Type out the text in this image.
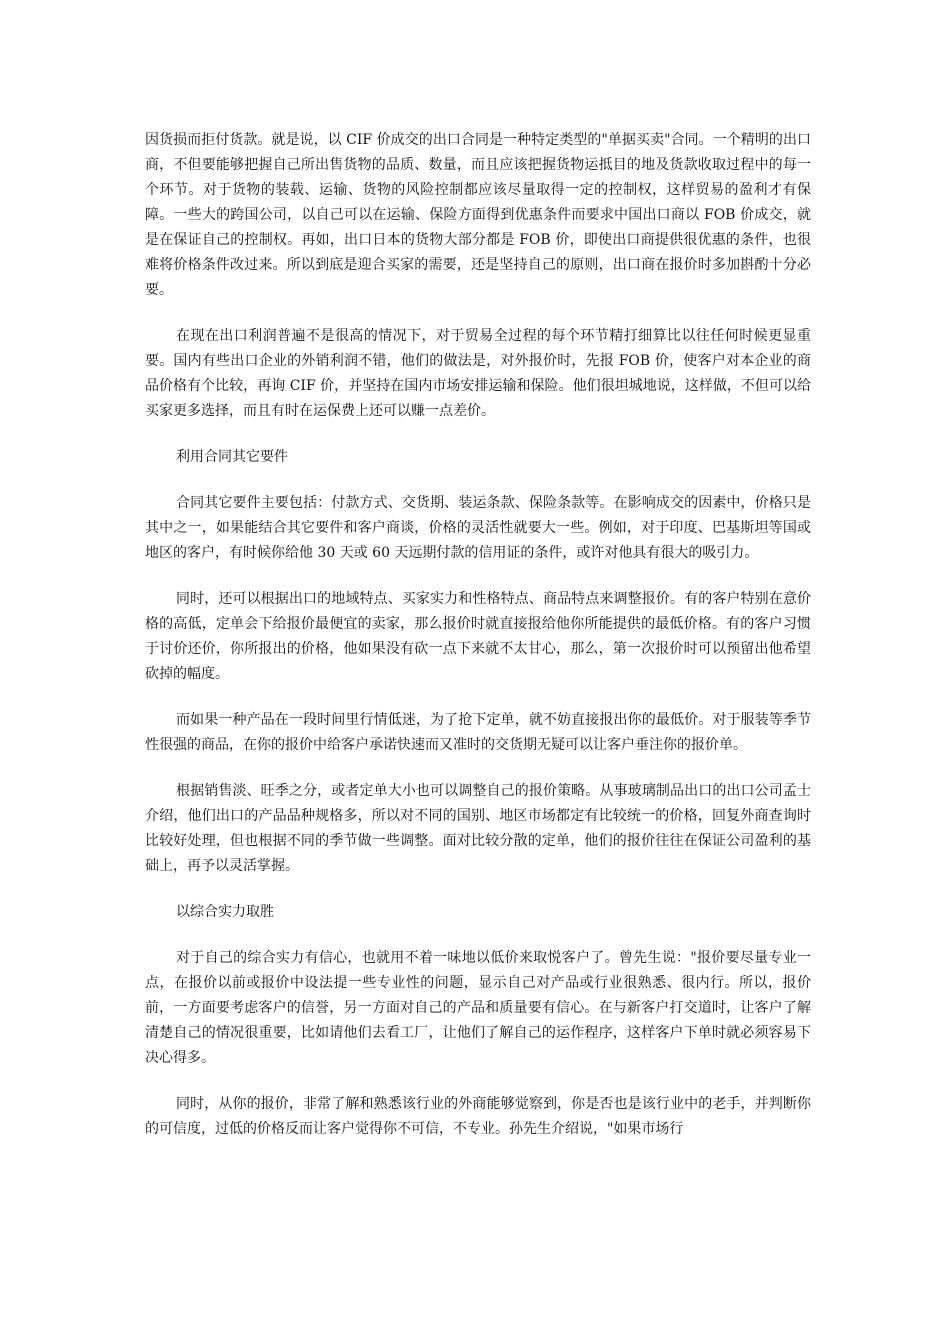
因货损而拒付货款。就是说，以 CIF 价成交的出口合同是一种特定类型的"单据买卖"合同。一个精明的出口商，不但要能够把握自己所出售货物的品质、数量，而且应该把握货物运抵目的地及货款收取过程中的每一个环节。对于货物的装载、运输、货物的风险控制都应该尽量取得一定的控制权，这样贸易的盈利才有保障。一些大的跨国公司，以自己可以在运输、保险方面得到优惠条件而要求中国出口商以 FOB 价成交，就是在保证自己的控制权。再如，出口日本的货物大部分都是 FOB 价，即使出口商提供很优惠的条件，也很难将价格条件改过来。所以到底是迎合买家的需要，还是坚持自己的原则，出口商在报价时多加斟酌十分必要。

在现在出口利润普遍不是很高的情况下，对于贸易全过程的每个环节精打细算比以往任何时候更显重要。国内有些出口企业的外销利润不错，他们的做法是，对外报价时，先报 FOB 价，使客户对本企业的商品价格有个比较，再询 CIF 价，并坚持在国内市场安排运输和保险。他们很坦城地说，这样做，不但可以给买家更多选择，而且有时在运保费上还可以赚一点差价。

利用合同其它要件

合同其它要件主要包括：付款方式、交货期、装运条款、保险条款等。在影响成交的因素中，价格只是其中之一，如果能结合其它要件和客户商谈，价格的灵活性就要大一些。例如，对于印度、巴基斯坦等国或地区的客户，有时候你给他 30 天或 60 天远期付款的信用证的条件，或许对他具有很大的吸引力。

同时，还可以根据出口的地域特点、买家实力和性格特点、商品特点来调整报价。有的客户特别在意价格的高低，定单会下给报价最便宜的卖家，那么报价时就直接报给他你所能提供的最低价格。有的客户习惯于讨价还价，你所报出的价格，他如果没有砍一点下来就不太甘心，那么，第一次报价时可以预留出他希望砍掉的幅度。

而如果一种产品在一段时间里行情低迷，为了抢下定单，就不妨直接报出你的最低价。对于服装等季节性很强的商品，在你的报价中给客户承诺快速而又准时的交货期无疑可以让客户垂注你的报价单。

根据销售淡、旺季之分，或者定单大小也可以调整自己的报价策略。从事玻璃制品出口的出口公司孟士介绍，他们出口的产品品种规格多，所以对不同的国别、地区市场都定有比较统一的价格，回复外商查询时比较好处理，但也根据不同的季节做一些调整。面对比较分散的定单，他们的报价往往在保证公司盈利的基础上，再予以灵活掌握。

以综合实力取胜

对于自己的综合实力有信心，也就用不着一味地以低价来取悦客户了。曾先生说："报价要尽量专业一点，在报价以前或报价中设法提一些专业性的问题，显示自己对产品或行业很熟悉、很内行。所以，报价前，一方面要考虑客户的信誉，另一方面对自己的产品和质量要有信心。在与新客户打交道时，让客户了解清楚自己的情况很重要，比如请他们去看工厂，让他们了解自己的运作程序，这样客户下单时就必须容易下决心得多。

同时，从你的报价，非常了解和熟悉该行业的外商能够觉察到，你是否也是该行业中的老手，并判断你的可信度，过低的价格反而让客户觉得你不可信，不专业。孙先生介绍说，"如果市场行
